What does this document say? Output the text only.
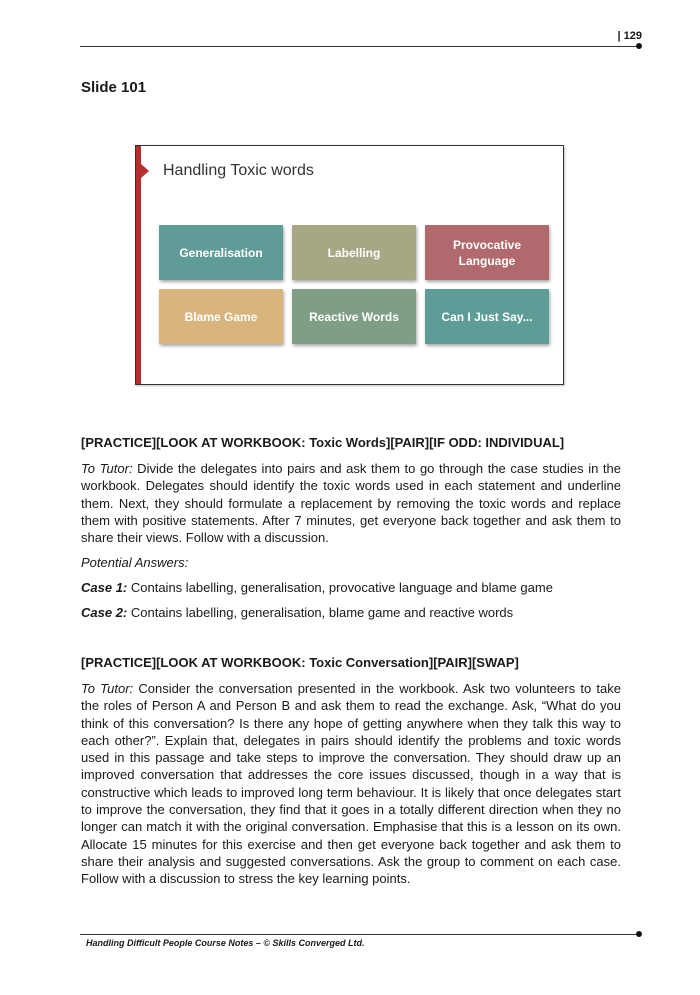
| 129
Slide 101
Handling Toxic words
Generalisation	Labelling
Provocative Language
Blame Game	Reactive Words	Can I Just Say...
[PRACTICE][LOOK AT WORKBOOK: Toxic Words][PAIR][IF ODD: INDIVIDUAL]
To Tutor: Divide the delegates into pairs and ask them to go through the case studies in the workbook. Delegates should identify the toxic words used in each statement and underline them. Next, they should formulate a replacement by removing the toxic words and replace them with positive statements. After 7 minutes, get everyone back together and ask them to share their views. Follow with a discussion.
Potential Answers:
Case 1: Contains labelling, generalisation, provocative language and blame game
Case 2: Contains labelling, generalisation, blame game and reactive words
[PRACTICE][LOOK AT WORKBOOK: Toxic Conversation][PAIR][SWAP]
To Tutor: Consider the conversation presented in the workbook. Ask two volunteers to take the roles of Person A and Person B and ask them to read the exchange. Ask, “What do you think of this conversation? Is there any hope of getting anywhere when they talk this way to each other?”. Explain that, delegates in pairs should identify the problems and toxic words used in this passage and take steps to improve the conversation. They should draw up an improved conversation that addresses the core issues discussed, though in a way that is constructive which leads to improved long term behaviour. It is likely that once delegates start to improve the conversation, they find that it goes in a totally different direction when they no longer can match it with the original conversation. Emphasise that this is a lesson on its own. Allocate 15 minutes for this exercise and then get everyone back together and ask them to share their analysis and suggested conversations. Ask the group to comment on each case. Follow with a discussion to stress the key learning points.
Handling Difficult People Course Notes – © Skills Converged Ltd.
